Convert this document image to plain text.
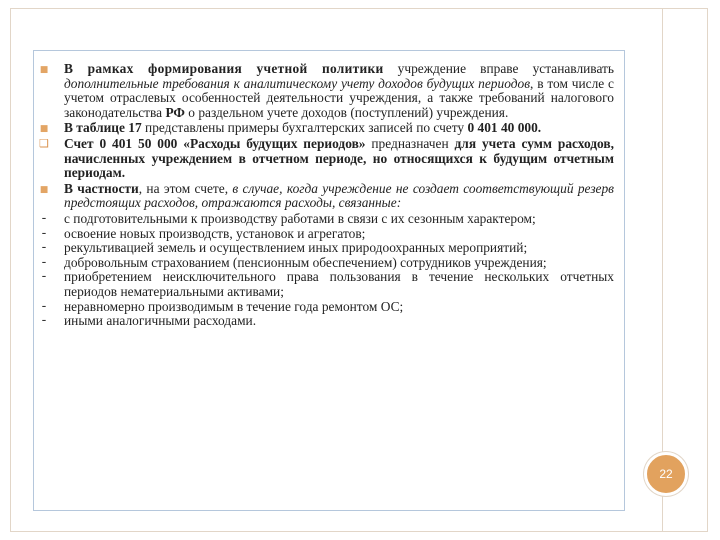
■	В рамках формирования учетной политики учреждение вправе устанавливать дополнительные требования к аналитическому учету доходов будущих периодов, в том числе с учетом отраслевых особенностей деятельности учреждения, а также требований налогового законодательства РФ о раздельном учете доходов (поступлений) учреждения.
■	В таблице 17 представлены примеры бухгалтерских записей по счету 0 401 40 000.
❑	Счет 0 401 50 000 «Расходы будущих периодов» предназначен для учета сумм расходов, начисленных учреждением в отчетном периоде, но относящихся к будущим отчетным периодам.
■	В частности, на этом счете, в случае, когда учреждение не создает соответствующий резерв предстоящих расходов, отражаются расходы, связанные:
-	с подготовительными к производству работами в связи с их сезонным характером;
-	освоение новых производств, установок и агрегатов;
-	рекультивацией земель и осуществлением иных природоохранных мероприятий;
-	добровольным страхованием (пенсионным обеспечением) сотрудников учреждения;
-	приобретением неисключительного права пользования в течение нескольких отчетных периодов нематериальными активами;
-	неравномерно производимым в течение года ремонтом ОС;
-	иными аналогичными расходами.
22
